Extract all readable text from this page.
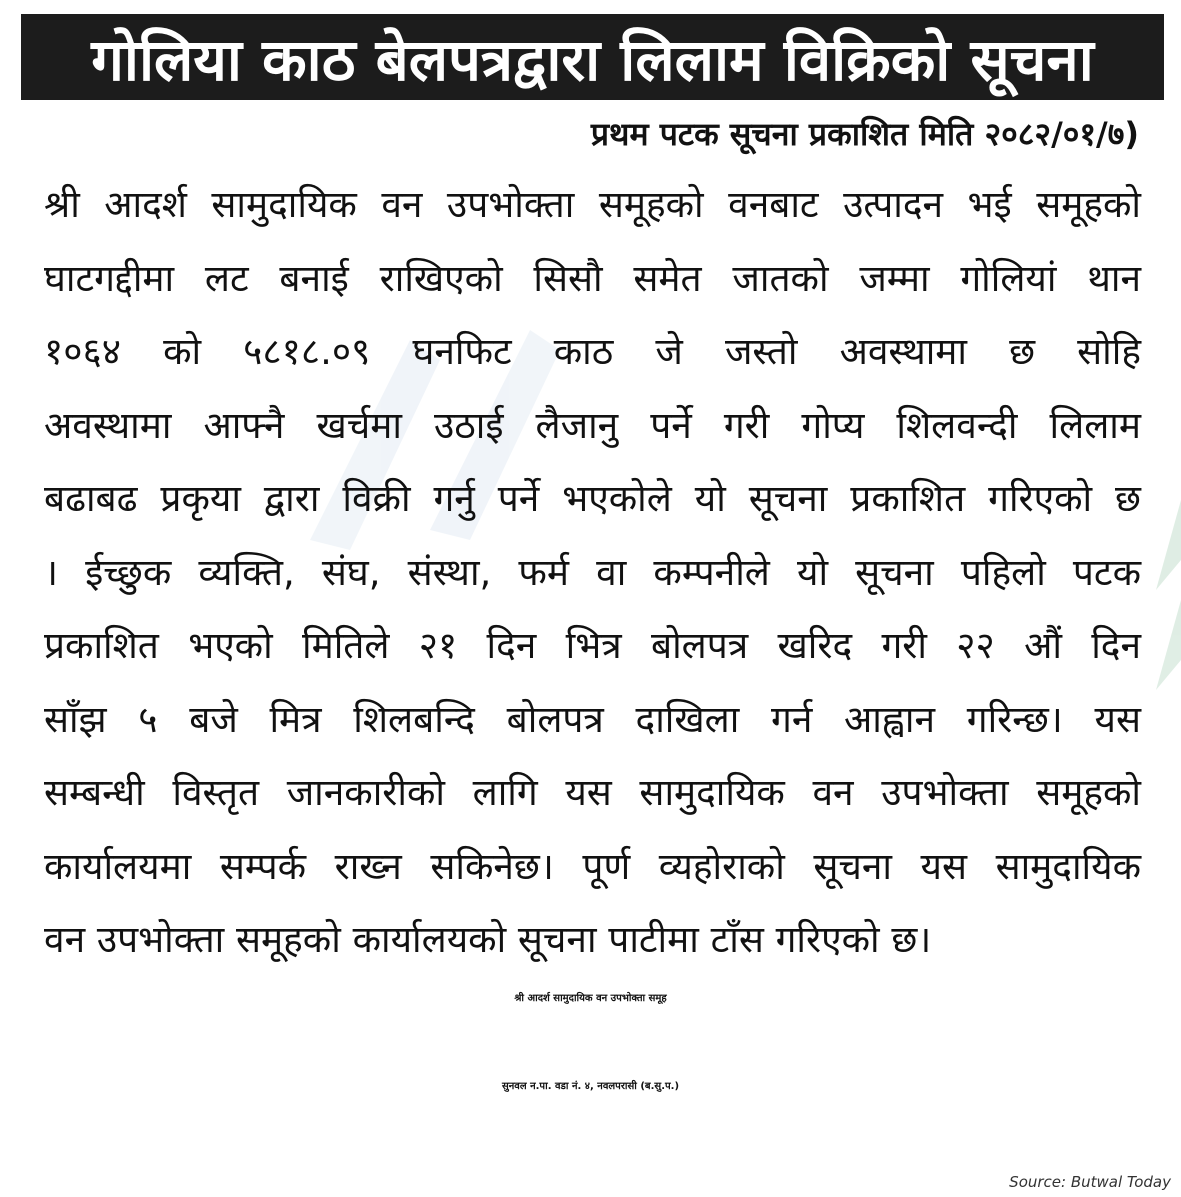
गोलिया काठ बेलपत्रद्वारा लिलाम विक्रिको सूचना
प्रथम पटक सूचना प्रकाशित मिति २०८२/०१/७)
श्री आदर्श सामुदायिक वन उपभोक्ता समूहको वनबाट उत्पादन भई समूहको
घाटगद्दीमा लट बनाई राखिएको सिसौ समेत जातको जम्मा गोलियां थान
१०६४ को ५८१८.०९ घनफिट काठ जे जस्तो अवस्थामा छ सोहि
अवस्थामा आफ्नै खर्चमा उठाई लैजानु पर्ने गरी गोप्य शिलवन्दी लिलाम
बढाबढ प्रकृया द्वारा विक्री गर्नु पर्ने भएकोले यो सूचना प्रकाशित गरिएको छ
। ईच्छुक व्यक्ति, संघ, संस्था, फर्म वा कम्पनीले यो सूचना पहिलो पटक
प्रकाशित भएको मितिले २१ दिन भित्र बोलपत्र खरिद गरी २२ औं दिन
साँझ ५ बजे मित्र शिलबन्दि बोलपत्र दाखिला गर्न आह्वान गरिन्छ। यस
सम्बन्धी विस्तृत जानकारीको लागि यस सामुदायिक वन उपभोक्ता समूहको
कार्यालयमा सम्पर्क राख्न सकिनेछ। पूर्ण व्यहोराको सूचना यस सामुदायिक
वन उपभोक्ता समूहको कार्यालयको सूचना पाटीमा टाँस गरिएको छ।
श्री आदर्श सामुदायिक वन उपभोक्ता समूह
सुनवल न.पा. वडा नं. ४, नवलपरासी (ब.सु.प.)
Source: Butwal Today
